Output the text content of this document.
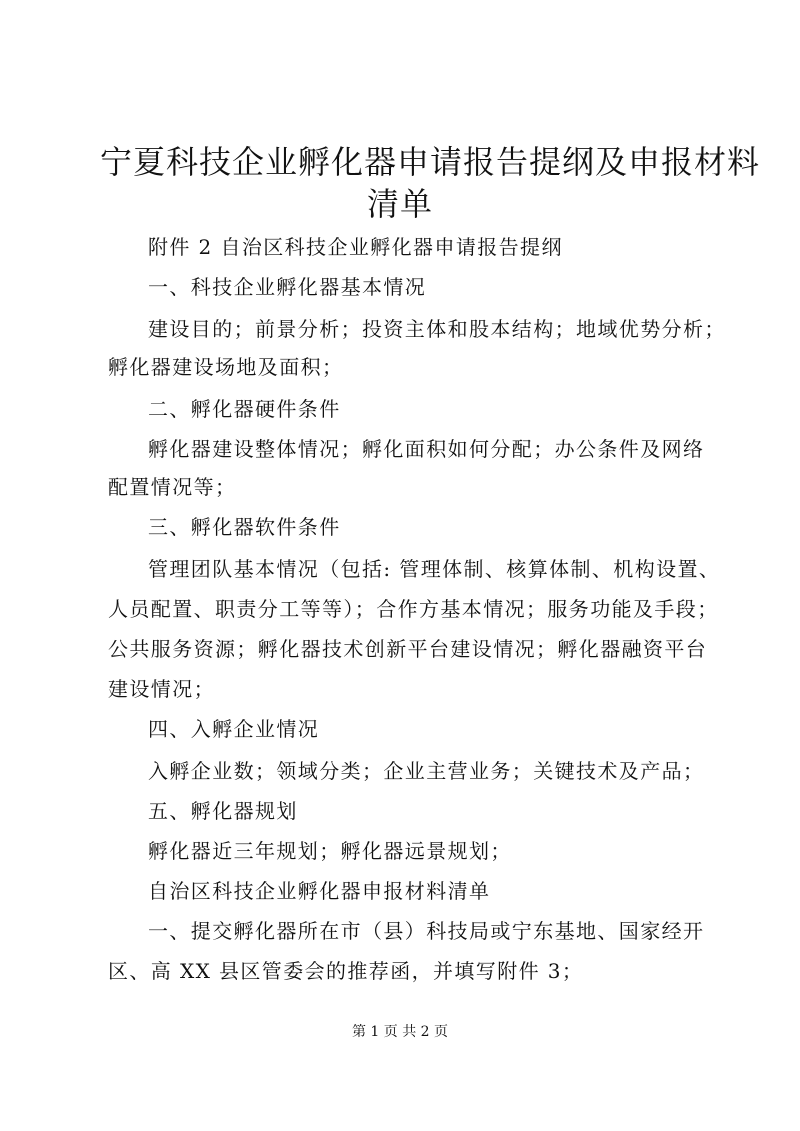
宁夏科技企业孵化器申请报告提纲及申报材料
清单
附件 2 自治区科技企业孵化器申请报告提纲
一、科技企业孵化器基本情况
建设目的；前景分析；投资主体和股本结构；地域优势分析；
孵化器建设场地及面积；
二、孵化器硬件条件
孵化器建设整体情况；孵化面积如何分配；办公条件及网络
配置情况等；
三、孵化器软件条件
管理团队基本情况（包括: 管理体制、核算体制、机构设置、
人员配置、职责分工等等）；合作方基本情况；服务功能及手段；
公共服务资源；孵化器技术创新平台建设情况；孵化器融资平台
建设情况；
四、入孵企业情况
入孵企业数；领域分类；企业主营业务；关键技术及产品；
五、孵化器规划
孵化器近三年规划；孵化器远景规划；
自治区科技企业孵化器申报材料清单
一、提交孵化器所在市（县）科技局或宁东基地、国家经开
区、高 XX 县区管委会的推荐函，并填写附件 3；
第 1 页 共 2 页
